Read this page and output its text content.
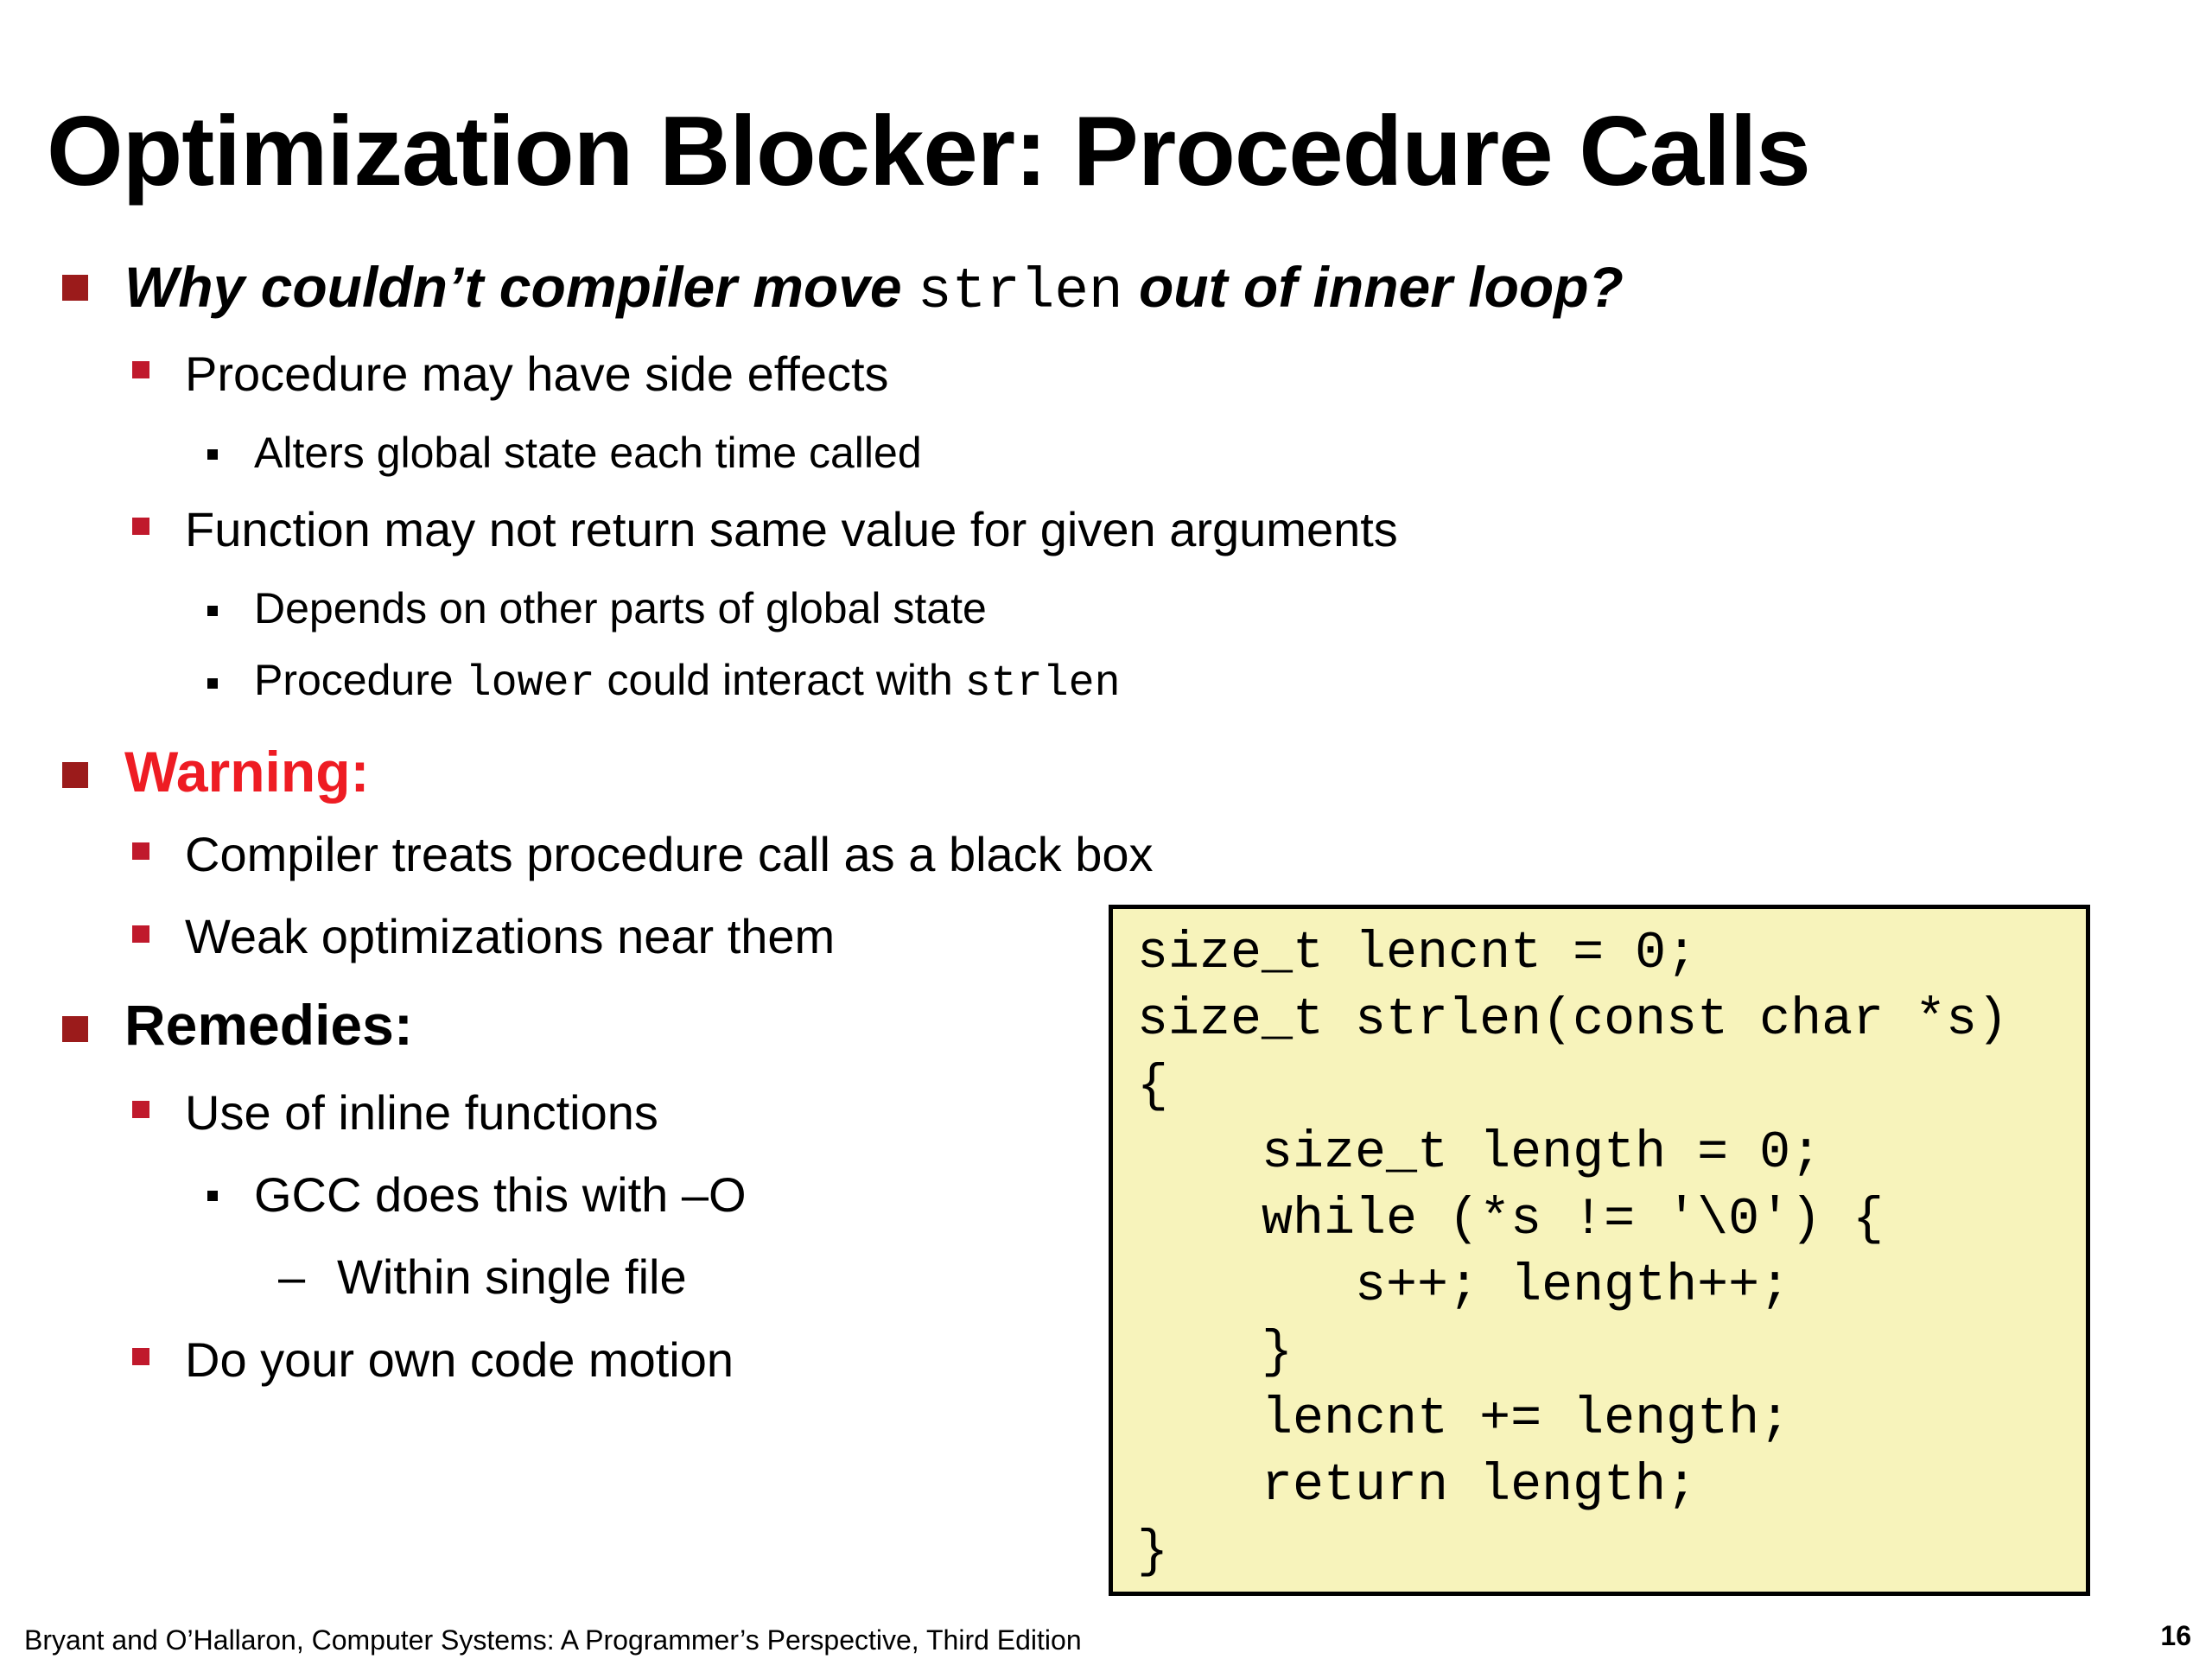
Optimization Blocker: Procedure Calls
Why couldn’t compiler move strlen out of inner loop?
Procedure may have side effects
Alters global state each time called
Function may not return same value for given arguments
Depends on other parts of global state
Procedure lower could interact with strlen
Warning:
Compiler treats procedure call as a black box
Weak optimizations near them
Remedies:
Use of inline functions
GCC does this with –O
– Within single file
Do your own code motion
size_t lencnt = 0;
size_t strlen(const char *s)
{
size_t length = 0;
while (*s != '\0') {
s++; length++;
}
lencnt += length;
return length;
}
Bryant and O’Hallaron, Computer Systems: A Programmer’s Perspective, Third Edition	16
